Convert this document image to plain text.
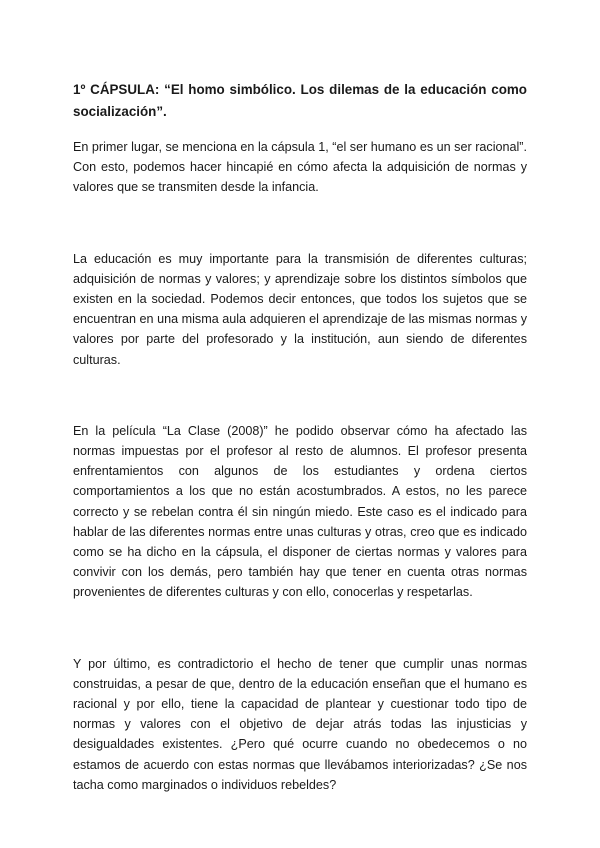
1º CÁPSULA: “El homo simbólico. Los dilemas de la educación como socialización”.

En primer lugar, se menciona en la cápsula 1, “el ser humano es un ser racional”. Con esto, podemos hacer hincapié en cómo afecta la adquisición de normas y valores que se transmiten desde la infancia.

La educación es muy importante para la transmisión de diferentes culturas; adquisición de normas y valores; y aprendizaje sobre los distintos símbolos que existen en la sociedad. Podemos decir entonces, que todos los sujetos que se encuentran en una misma aula adquieren el aprendizaje de las mismas normas y valores por parte del profesorado y la institución, aun siendo de diferentes culturas.

En la película “La Clase (2008)” he podido observar cómo ha afectado las normas impuestas por el profesor al resto de alumnos. El profesor presenta enfrentamientos con algunos de los estudiantes y ordena ciertos comportamientos a los que no están acostumbrados. A estos, no les parece correcto y se rebelan contra él sin ningún miedo. Este caso es el indicado para hablar de las diferentes normas entre unas culturas y otras, creo que es indicado como se ha dicho en la cápsula, el disponer de ciertas normas y valores para convivir con los demás, pero también hay que tener en cuenta otras normas provenientes de diferentes culturas y con ello, conocerlas y respetarlas.

Y por último, es contradictorio el hecho de tener que cumplir unas normas construidas, a pesar de que, dentro de la educación enseñan que el humano es racional y por ello, tiene la capacidad de plantear y cuestionar todo tipo de normas y valores con el objetivo de dejar atrás todas las injusticias y desigualdades existentes. ¿Pero qué ocurre cuando no obedecemos o no estamos de acuerdo con estas normas que llevábamos interiorizadas? ¿Se nos tacha como marginados o individuos rebeldes?
